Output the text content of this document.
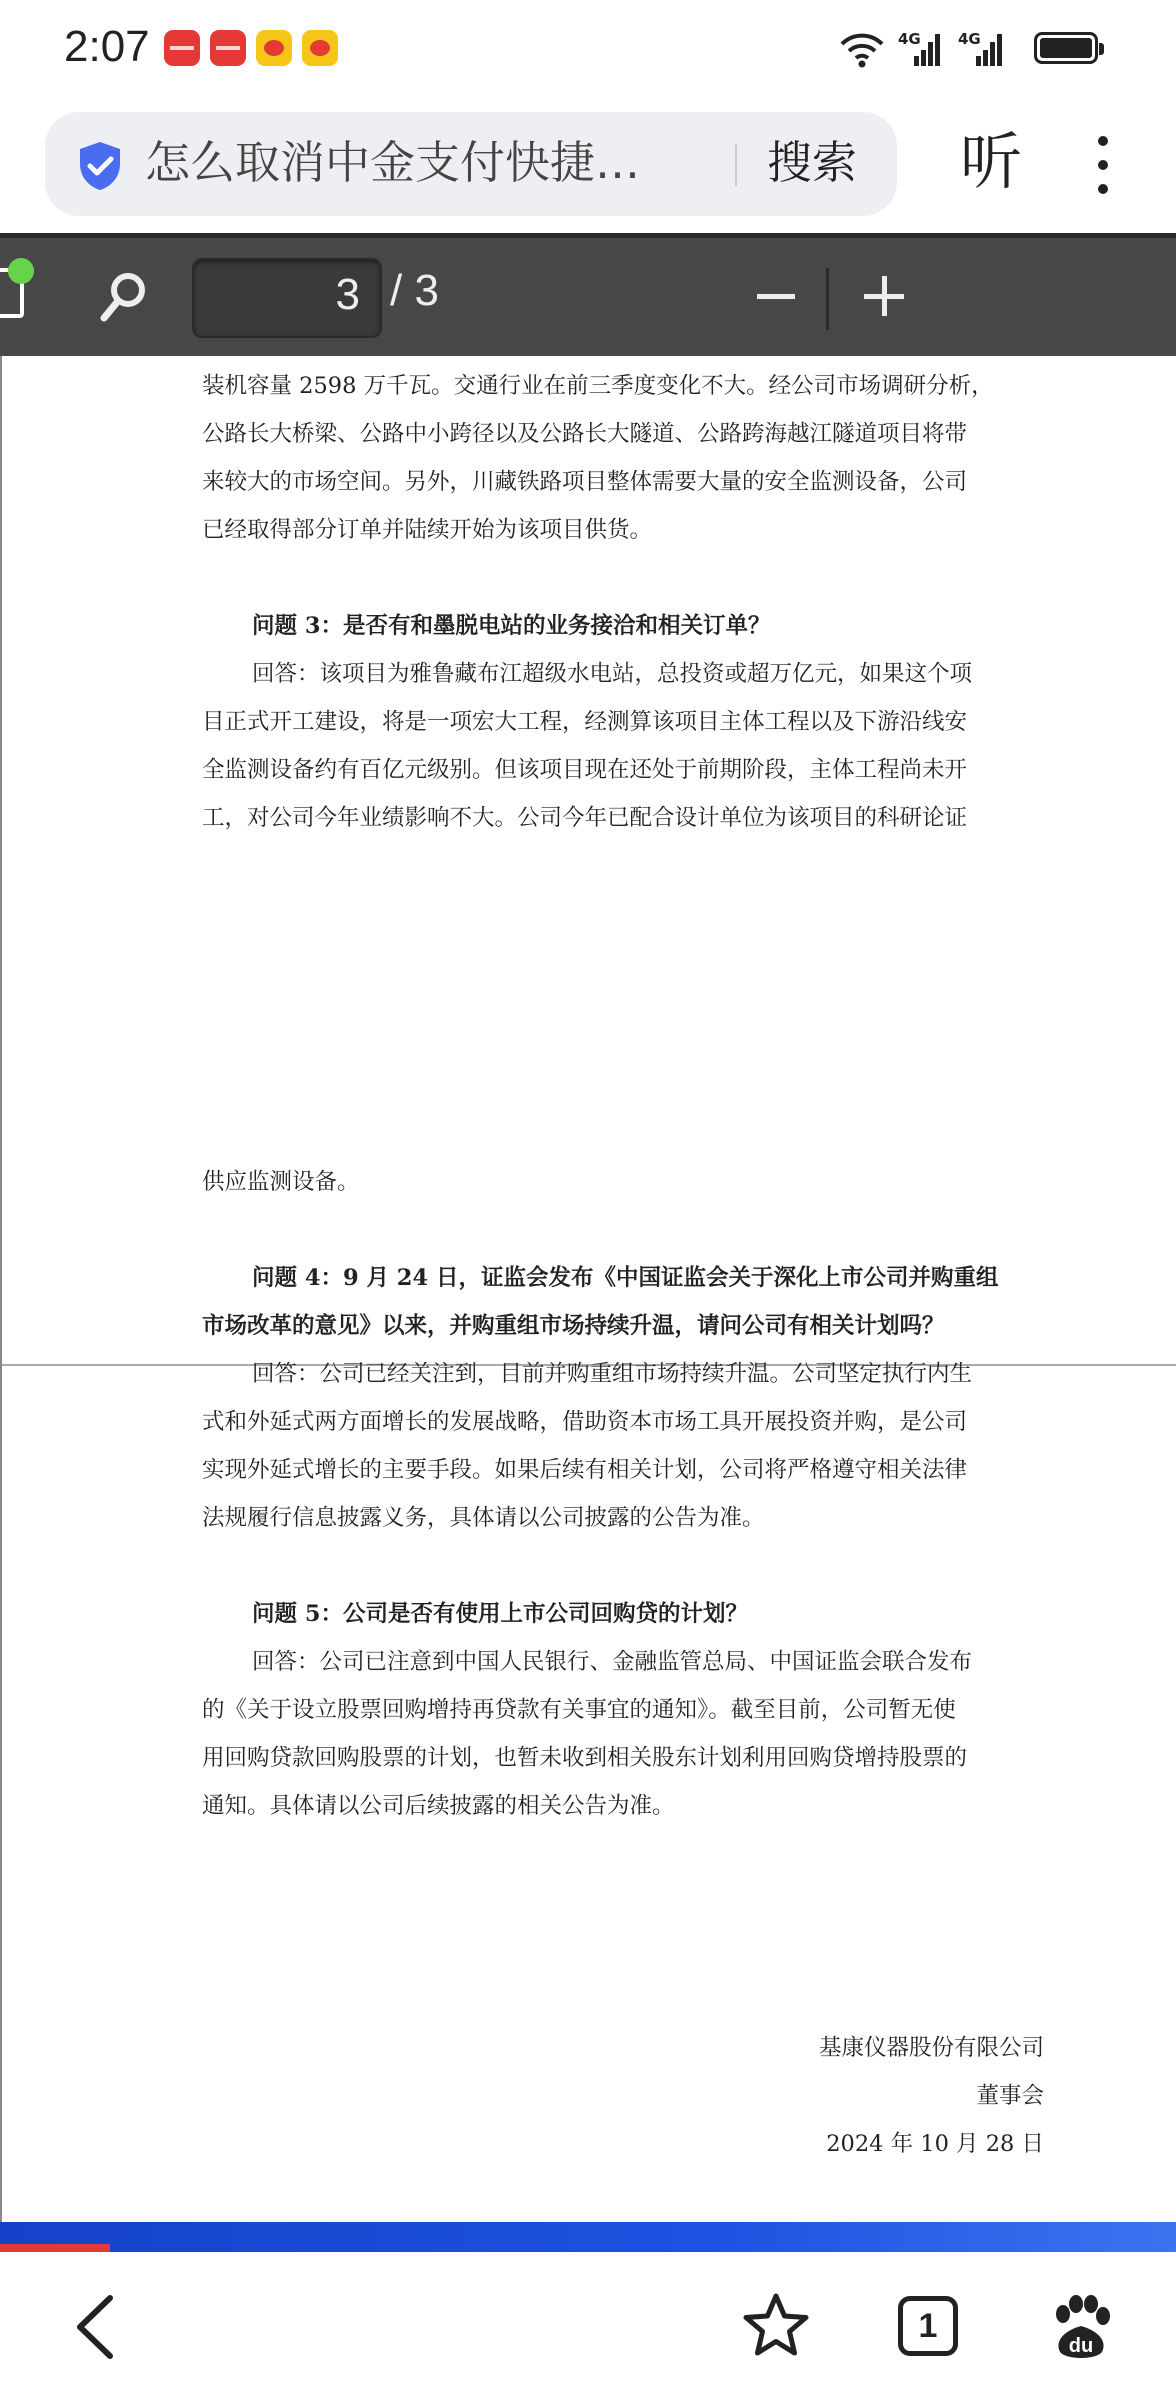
2:07	4G 4G
怎么取消中金支付快捷…	搜索 听
3 / 3
装机容量 2598 万千瓦。交通行业在前三季度变化不大。经公司市场调研分析，
公路长大桥梁、公路中小跨径以及公路长大隧道、公路跨海越江隧道项目将带
来较大的市场空间。另外，川藏铁路项目整体需要大量的安全监测设备，公司
已经取得部分订单并陆续开始为该项目供货。
问题 3：是否有和墨脱电站的业务接洽和相关订单？
回答：该项目为雅鲁藏布江超级水电站，总投资或超万亿元，如果这个项
目正式开工建设，将是一项宏大工程，经测算该项目主体工程以及下游沿线安
全监测设备约有百亿元级别。但该项目现在还处于前期阶段，主体工程尚未开
工，对公司今年业绩影响不大。公司今年已配合设计单位为该项目的科研论证
供应监测设备。
问题 4：9 月 24 日，证监会发布《中国证监会关于深化上市公司并购重组
市场改革的意见》以来，并购重组市场持续升温，请问公司有相关计划吗？
回答：公司已经关注到，目前并购重组市场持续升温。公司坚定执行内生
式和外延式两方面增长的发展战略，借助资本市场工具开展投资并购，是公司
实现外延式增长的主要手段。如果后续有相关计划，公司将严格遵守相关法律
法规履行信息披露义务，具体请以公司披露的公告为准。
问题 5：公司是否有使用上市公司回购贷的计划？
回答：公司已注意到中国人民银行、金融监管总局、中国证监会联合发布
的《关于设立股票回购增持再贷款有关事宜的通知》。截至目前，公司暂无使
用回购贷款回购股票的计划，也暂未收到相关股东计划利用回购贷增持股票的
通知。具体请以公司后续披露的相关公告为准。
基康仪器股份有限公司
董事会
2024 年 10 月 28 日
1
du
